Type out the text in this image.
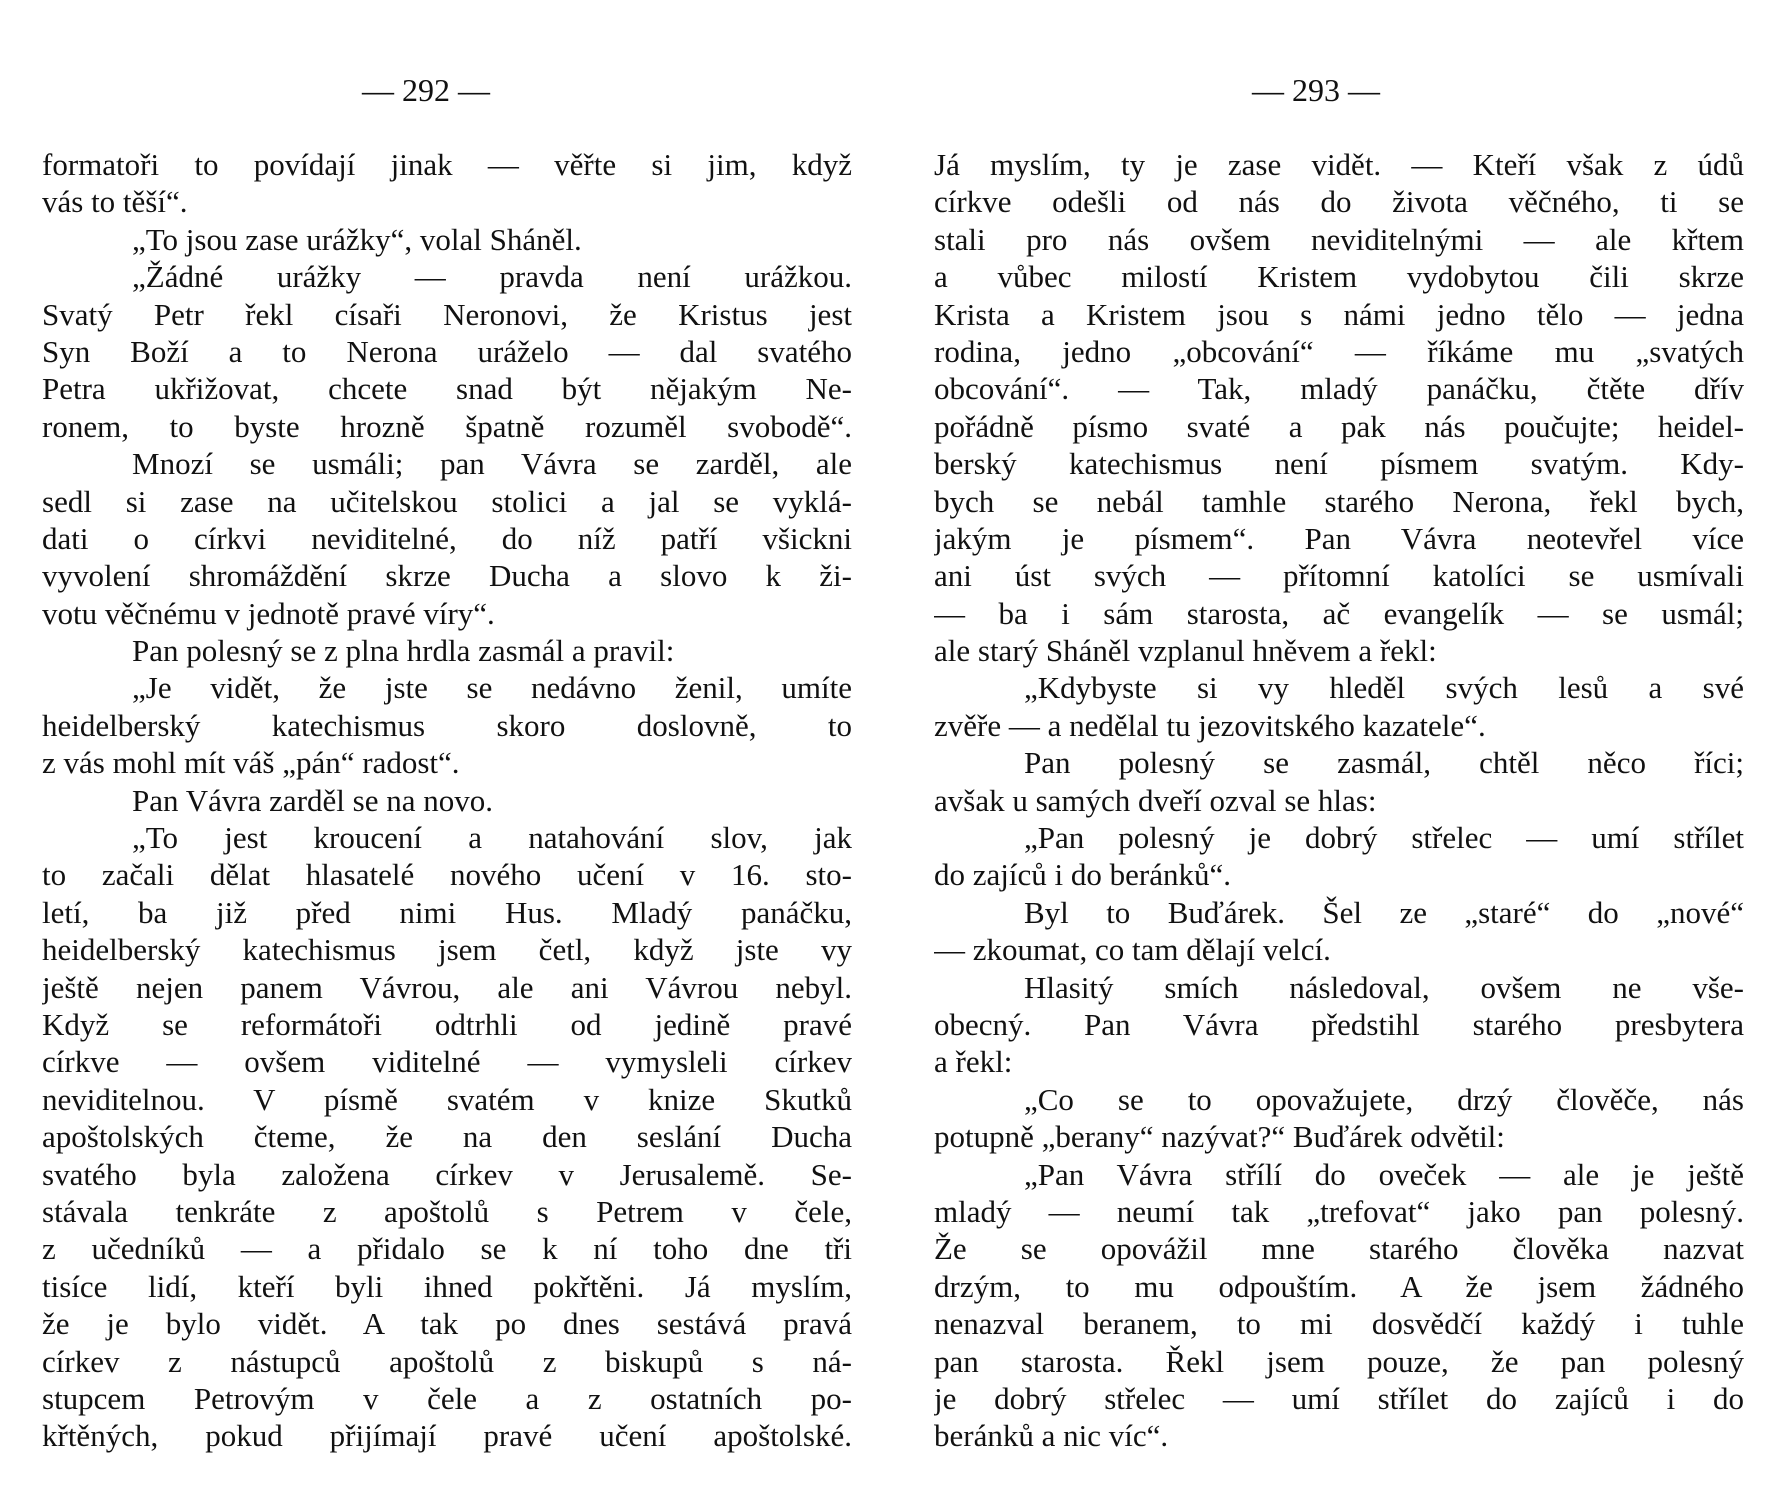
— 292 —
formatoři to povídají jinak — věřte si jim, když
vás to těší“.
„To jsou zase urážky“, volal Sháněl.
„Žádné urážky — pravda není urážkou.
Svatý Petr řekl císaři Neronovi, že Kristus jest
Syn Boží a to Nerona uráželo — dal svatého
Petra ukřižovat, chcete snad být nějakým Ne-
ronem, to byste hrozně špatně rozuměl svobodě“.
Mnozí se usmáli; pan Vávra se zarděl, ale
sedl si zase na učitelskou stolici a jal se vyklá-
dati o církvi neviditelné, do níž patří všickni
vyvolení shromáždění skrze Ducha a slovo k ži-
votu věčnému v jednotě pravé víry“.
Pan polesný se z plna hrdla zasmál a pravil:
„Je vidět, že jste se nedávno ženil, umíte
heidelberský katechismus skoro doslovně, to
z vás mohl mít váš „pán“ radost“.
Pan Vávra zarděl se na novo.
„To jest kroucení a natahování slov, jak
to začali dělat hlasatelé nového učení v 16. sto-
letí, ba již před nimi Hus. Mladý panáčku,
heidelberský katechismus jsem četl, když jste vy
ještě nejen panem Vávrou, ale ani Vávrou nebyl.
Když se reformátoři odtrhli od jedině pravé
církve — ovšem viditelné — vymysleli církev
neviditelnou. V písmě svatém v knize Skutků
apoštolských čteme, že na den seslání Ducha
svatého byla založena církev v Jerusalemě. Se-
stávala tenkráte z apoštolů s Petrem v čele,
z učedníků — a přidalo se k ní toho dne tři
tisíce lidí, kteří byli ihned pokřtěni. Já myslím,
že je bylo vidět. A tak po dnes sestává pravá
církev z nástupců apoštolů z biskupů s ná-
stupcem Petrovým v čele a z ostatních po-
křtěných, pokud přijímají pravé učení apoštolské.
— 293 —
Já myslím, ty je zase vidět. — Kteří však z údů
církve odešli od nás do života věčného, ti se
stali pro nás ovšem neviditelnými — ale křtem
a vůbec milostí Kristem vydobytou čili skrze
Krista a Kristem jsou s námi jedno tělo — jedna
rodina, jedno „obcování“ — říkáme mu „svatých
obcování“. — Tak, mladý panáčku, čtěte dřív
pořádně písmo svaté a pak nás poučujte; heidel-
berský katechismus není písmem svatým. Kdy-
bych se nebál tamhle starého Nerona, řekl bych,
jakým je písmem“. Pan Vávra neotevřel více
ani úst svých — přítomní katolíci se usmívali
— ba i sám starosta, ač evangelík — se usmál;
ale starý Sháněl vzplanul hněvem a řekl:
„Kdybyste si vy hleděl svých lesů a své
zvěře — a nedělal tu jezovitského kazatele“.
Pan polesný se zasmál, chtěl něco říci;
avšak u samých dveří ozval se hlas:
„Pan polesný je dobrý střelec — umí střílet
do zajíců i do beránků“.
Byl to Buďárek. Šel ze „staré“ do „nové“
— zkoumat, co tam dělají velcí.
Hlasitý smích následoval, ovšem ne vše-
obecný. Pan Vávra předstihl starého presbytera
a řekl:
„Co se to opovažujete, drzý člověče, nás
potupně „berany“ nazývat?“ Buďárek odvětil:
„Pan Vávra střílí do oveček — ale je ještě
mladý — neumí tak „trefovat“ jako pan polesný.
Že se opovážil mne starého člověka nazvat
drzým, to mu odpouštím. A že jsem žádného
nenazval beranem, to mi dosvědčí každý i tuhle
pan starosta. Řekl jsem pouze, že pan polesný
je dobrý střelec — umí střílet do zajíců i do
beránků a nic víc“.
